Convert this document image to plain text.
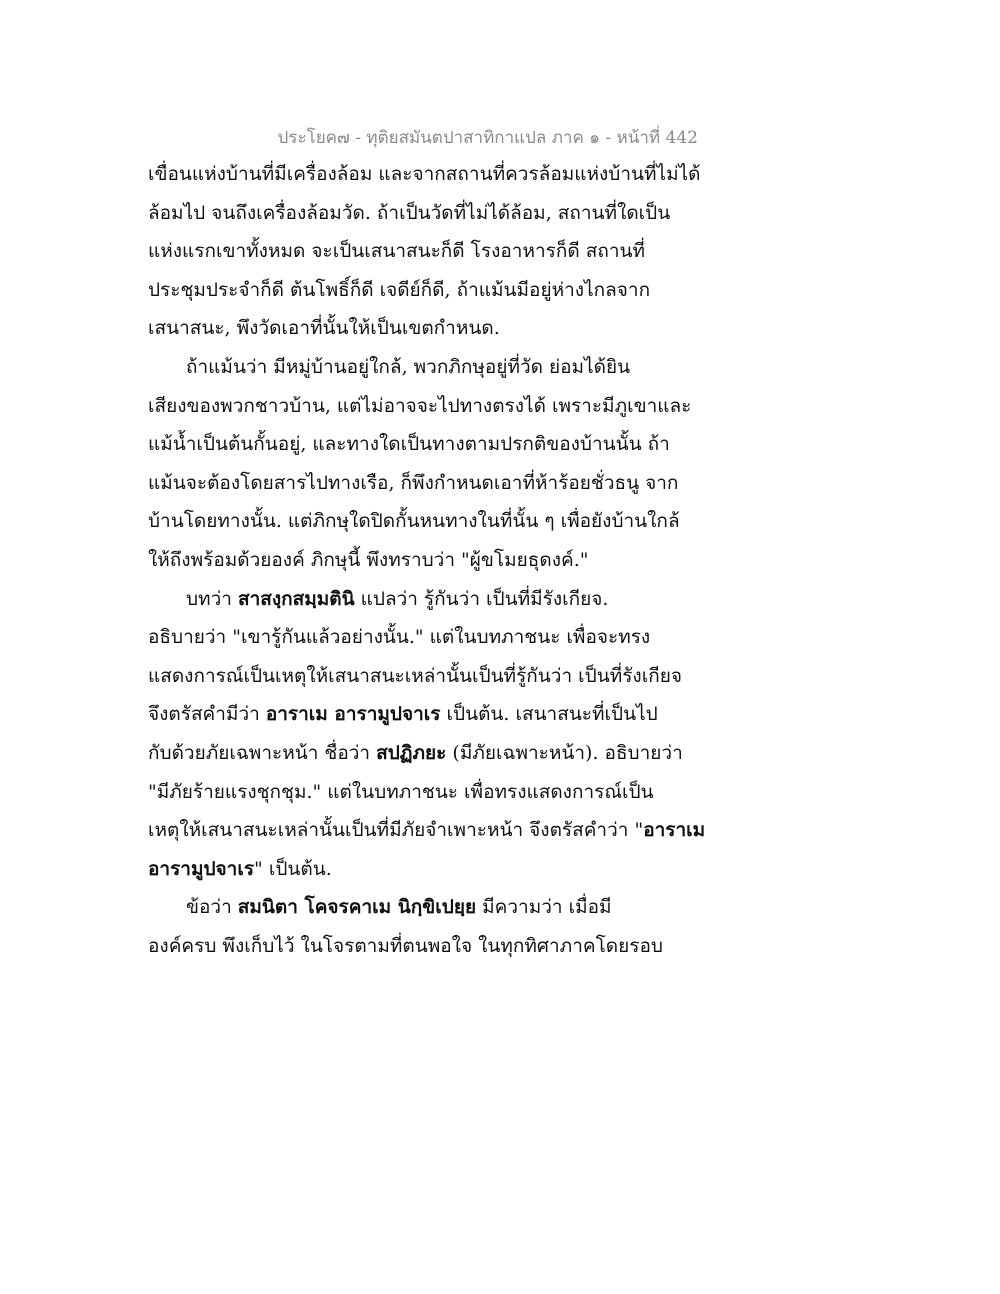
ประโยค๗ - ทุติยสมันตปาสาทิกาแปล ภาค ๑ - หน้าที่ 442

เขื่อนแห่งบ้านที่มีเครื่องล้อม และจากสถานที่ควรล้อมแห่งบ้านที่ไม่ได้
ล้อมไป จนถึงเครื่องล้อมวัด. ถ้าเป็นวัดที่ไม่ได้ล้อม, สถานที่ใดเป็น
แห่งแรกเขาทั้งหมด จะเป็นเสนาสนะก็ดี โรงอาหารก็ดี สถานที่
ประชุมประจำก็ดี ต้นโพธิ์ก็ดี เจดีย์ก็ดี, ถ้าแม้นมีอยู่ห่างไกลจาก
เสนาสนะ, พึงวัดเอาที่นั้นให้เป็นเขตกำหนด.

ถ้าแม้นว่า มีหมู่บ้านอยู่ใกล้, พวกภิกษุอยู่ที่วัด ย่อมได้ยิน
เสียงของพวกชาวบ้าน, แต่ไม่อาจจะไปทางตรงได้ เพราะมีภูเขาและ
แม้น้ำเป็นต้นกั้นอยู่, และทางใดเป็นทางตามปรกติของบ้านนั้น ถ้า
แม้นจะต้องโดยสารไปทางเรือ, ก็พึงกำหนดเอาที่ห้าร้อยชั่วธนู จาก
บ้านโดยทางนั้น. แต่ภิกษุใดปิดกั้นหนทางในที่นั้น ๆ เพื่อยังบ้านใกล้
ให้ถึงพร้อมด้วยองค์ ภิกษุนี้ พึงทราบว่า "ผู้ขโมยธุดงค์."

บทว่า สาสงฺกสมฺมตินิ แปลว่า รู้กันว่า เป็นที่มีรังเกียจ.
อธิบายว่า "เขารู้กันแล้วอย่างนั้น." แต่ในบทภาชนะ เพื่อจะทรง
แสดงการณ์เป็นเหตุให้เสนาสนะเหล่านั้นเป็นที่รู้กันว่า เป็นที่รังเกียจ
จึงตรัสคำมีว่า อาราเม อารามูปจาเร เป็นต้น. เสนาสนะที่เป็นไป
กับด้วยภัยเฉพาะหน้า ชื่อว่า สปฏิภยะ (มีภัยเฉพาะหน้า). อธิบายว่า
"มีภัยร้ายแรงชุกชุม." แต่ในบทภาชนะ เพื่อทรงแสดงการณ์เป็น
เหตุให้เสนาสนะเหล่านั้นเป็นที่มีภัยจำเพาะหน้า จึงตรัสคำว่า "อาราเม
อารามูปจาเร" เป็นต้น.

ข้อว่า สมนิตา โคจรคาเม นิกฺขิเปยฺย มีความว่า เมื่อมี
องค์ครบ พึงเก็บไว้ ในโจรตามที่ตนพอใจ ในทุกทิศาภาคโดยรอบ
